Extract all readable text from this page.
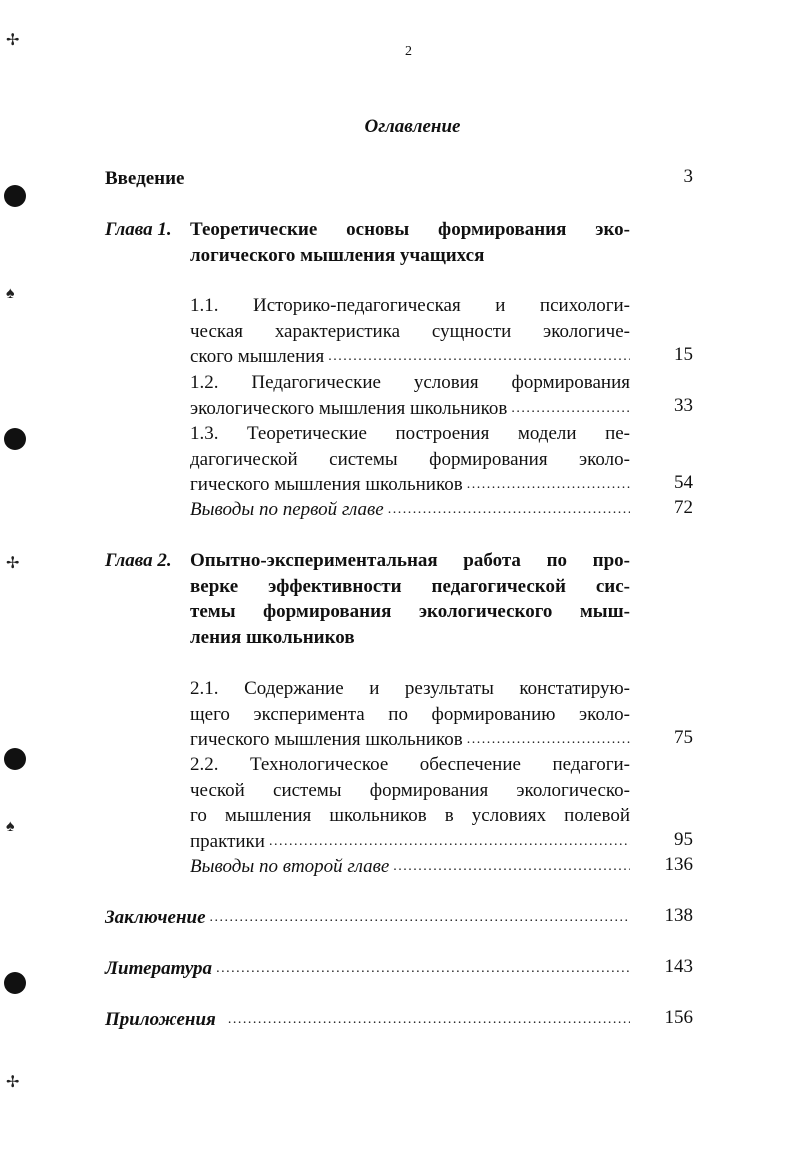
✢
♠
✢
♠
✢
2
Оглавление
Введение	3
Глава 1. Теоретические основы формирования эко-
логического мышления учащихся
1.1. Историко-педагогическая и психологи-
ческая характеристика сущности экологиче-
ского мышления .....	15
1.2. Педагогические условия формирования
экологического мышления школьников .....	33
1.3. Теоретические построения модели пе-
дагогической системы формирования эколо-
гического мышления школьников .....	54
Выводы по первой главе .....	72
Глава 2. Опытно-экспериментальная работа по про-
верке эффективности педагогической сис-
темы формирования экологического мыш-
ления школьников
2.1. Содержание и результаты констатирую-
щего эксперимента по формированию эколо-
гического мышления школьников .....	75
2.2. Технологическое обеспечение педагоги-
ческой системы формирования экологическо-
го мышления школьников в условиях полевой
практики .....	95
Выводы по второй главе .....	136
Заключение .....	138
Литература .....	143
Приложения .....	156
